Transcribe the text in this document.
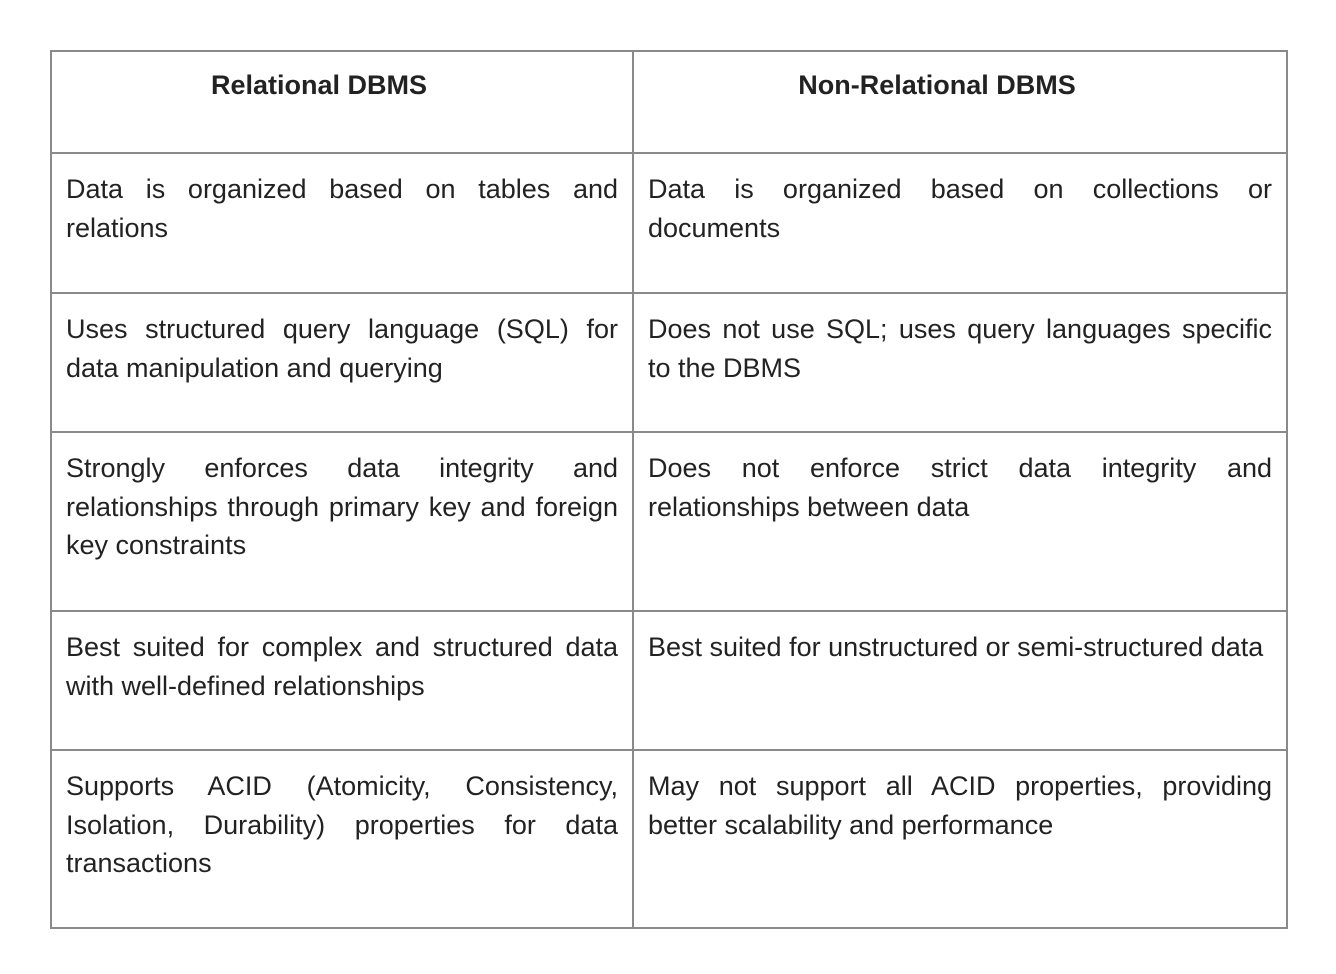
Relational DBMS	Non-Relational DBMS
Data is organized based on tables and relations	Data is organized based on collections or documents
Uses structured query language (SQL) for data manipulation and querying	Does not use SQL; uses query languages specific to the DBMS
Strongly enforces data integrity and relationships through primary key and foreign key constraints	Does not enforce strict data integrity and relationships between data
Best suited for complex and structured data with well-defined relationships	Best suited for unstructured or semi-structured data
Supports ACID (Atomicity, Consistency, Isolation, Durability) properties for data transactions	May not support all ACID properties, providing better scalability and performance
